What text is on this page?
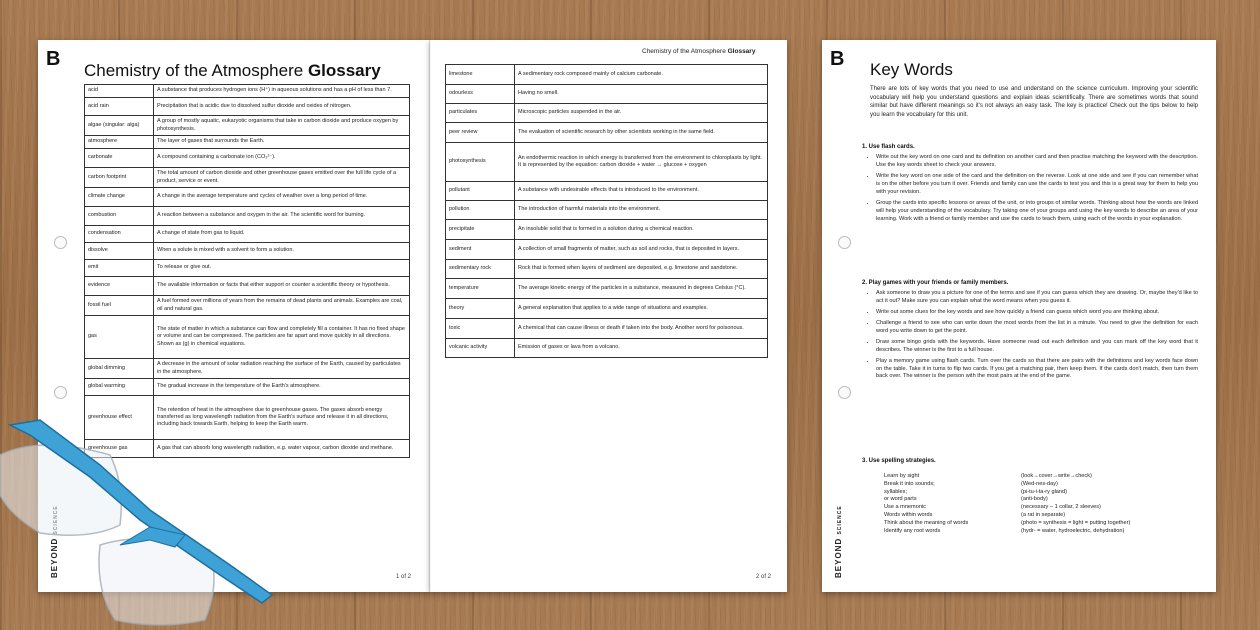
B
Chemistry of the Atmosphere Glossary
BEYOND
acid	A substance that produces hydrogen ions (H⁺) in aqueous solutions and has a pH of less than 7.
acid rain	Precipitation that is acidic due to dissolved sulfur dioxide and oxides of nitrogen.
algae (singular: alga)	A group of mostly aquatic, eukaryotic organisms that take in carbon dioxide and produce oxygen by photosynthesis.
atmosphere	The layer of gases that surrounds the Earth.
carbonate	A compound containing a carbonate ion (CO₃²⁻).
carbon footprint	The total amount of carbon dioxide and other greenhouse gases emitted over the full life cycle of a product, service or event.
climate change	A change in the average temperature and cycles of weather over a long period of time.
combustion	A reaction between a substance and oxygen in the air. The scientific word for burning.
condensation	A change of state from gas to liquid.
dissolve	When a solute is mixed with a solvent to form a solution.
emit	To release or give out.
evidence	The available information or facts that either support or counter a scientific theory or hypothesis.
fossil fuel	A fuel formed over millions of years from the remains of dead plants and animals. Examples are coal, oil and natural gas.
gas	The state of matter in which a substance can flow and completely fill a container. It has no fixed shape or volume and can be compressed. The particles are far apart and move quickly in all directions. Shown as (g) in chemical equations.
global dimming	A decrease in the amount of solar radiation reaching the surface of the Earth, caused by particulates in the atmosphere.
global warming	The gradual increase in the temperature of the Earth's atmosphere.
greenhouse effect	The retention of heat in the atmosphere due to greenhouse gases. The gases absorb energy transferred as long wavelength radiation from the Earth's surface and release it in all directions, including back towards Earth, helping to keep the Earth warm.
greenhouse gas	A gas that can absorb long wavelength radiation, e.g. water vapour, carbon dioxide and methane.
1 of 2
Chemistry of the Atmosphere Glossary
limestone	A sedimentary rock composed mainly of calcium carbonate.
odourless	Having no smell.
particulates	Microscopic particles suspended in the air.
peer review	The evaluation of scientific research by other scientists working in the same field.
photosynthesis	An endothermic reaction in which energy is transferred from the environment to chloroplasts by light. It is represented by the equation: carbon dioxide + water → glucose + oxygen
pollutant	A substance with undesirable effects that is introduced to the environment.
pollution	The introduction of harmful materials into the environment.
precipitate	An insoluble solid that is formed in a solution during a chemical reaction.
sediment	A collection of small fragments of matter, such as soil and rocks, that is deposited in layers.
sedimentary rock	Rock that is formed when layers of sediment are deposited, e.g. limestone and sandstone.
temperature	The average kinetic energy of the particles in a substance, measured in degrees Celsius (°C).
theory	A general explanation that applies to a wide range of situations and examples.
toxic	A chemical that can cause illness or death if taken into the body. Another word for poisonous.
volcanic activity	Emission of gases or lava from a volcano.
2 of 2
B Key Words
BEYOND SCIENCE
There are lots of key words that you need to use and understand on the science curriculum. Improving your scientific vocabulary will help you understand questions and explain ideas scientifically. There are sometimes words that sound similar but have different meanings so it's not always an easy task. The key is practice! Check out the tips below to help you learn the vocabulary for this unit.
1. Use flash cards.
• Write out the key word on one card and its definition on another card and then practise matching the keyword with the description. Use the key words sheet to check your answers.
• Write the key word on one side of the card and the definition on the reverse. Look at one side and see if you can remember what is on the other before you turn it over. Friends and family can use the cards to test you and this is a great way for them to help you with your revision.
• Group the cards into specific lessons or areas of the unit, or into groups of similar words. Thinking about how the words are linked will help your understanding of the vocabulary. Try taking one of your groups and using the key words to describe an area of your learning. Work with a friend or family member and use the cards to teach them, using each of the words in your explanation.
2. Play games with your friends or family members.
• Ask someone to draw you a picture for one of the terms and see if you can guess which they are drawing. Or, maybe they'd like to act it out? Make sure you can explain what the word means when you guess it.
• Write out some clues for the key words and see how quickly a friend can guess which word you are thinking about.
• Challenge a friend to see who can write down the most words from the list in a minute. You need to give the definition for each word you write down to get the point.
• Draw some bingo grids with the keywords. Have someone read out each definition and you can mark off the key word that it describes. The winner is the first to a full house.
• Play a memory game using flash cards. Turn over the cards so that there are pairs with the definitions and key words face down on the table. Take it in turns to flip two cards. If you get a matching pair, then keep them. If the cards don't match, then turn them back over. The winner is the person with the most pairs at the end of the game.
3. Use spelling strategies.
Learn by sight	(look→cover→write→check)
Break it into sounds;	(Wed-nes-day)
syllables;	(pi-tu-i-ta-ry gland)
or word parts	(anti-body)
Use a mnemonic	(necessary – 1 collar, 2 sleeves)
Words within words	(a rat in separate)
Think about the meaning of words	(photo = synthesis = light = putting together)
Identify any root words	(hydr- = water, hydroelectric, dehydration)
